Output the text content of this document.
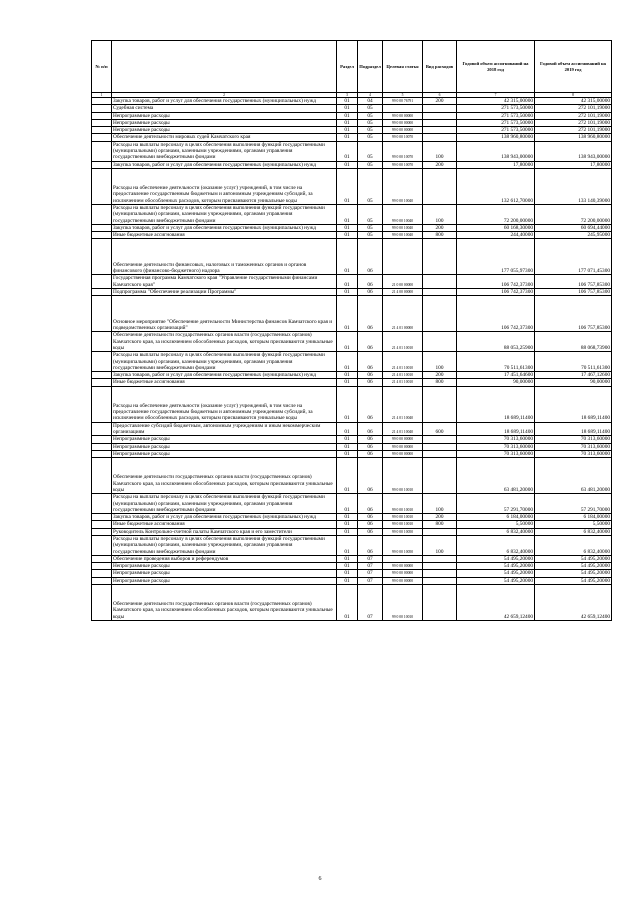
№ п/п		Раздел	Подраздел	Целевая статья	Вид расходов	Годовой объем ассигнований на 2018 год	Годовой объем ассигнований на 2019 год
1	2	3	4	5	6	7	8
	Закупка товаров, работ и услуг для обеспечения государственных (муниципальных) нужд	01	04	99 0 00 76791	200	42 315,00000	42 315,00000
	Судебная система	01	05			271 573,50000	272 101,19000
	Непрограммные расходы	01	05	99 0 00 00000		271 573,50000	272 101,19000
	Непрограммные расходы	01	05	99 0 00 00000		271 573,50000	272 101,19000
	Непрограммные расходы	01	05	99 0 00 00000		271 573,50000	272 101,19000
	Обеспечение деятельности мировых судей Камчатского края	01	05	99 0 00 10070		138 960,80000	138 960,80000
	Расходы на выплаты персоналу в целях обеспечения выполнения функций государственными (муниципальными) органами, казенными учреждениями, органами управления государственными внебюджетными фондами	01	05	99 0 00 10070	100	138 943,00000	138 943,00000
	Закупка товаров, работ и услуг для обеспечения государственных (муниципальных) нужд	01	05	99 0 00 10070	200	17,80000	17,80000
	Расходы на обеспечение деятельности (оказание услуг) учреждений, в том числе на предоставление государственным бюджетным и автономным учреждениям субсидий, за исключением обособленных расходов, которым присваиваются уникальные коды	01	05	99 0 00 10040		132 612,70000	133 140,39000
	Расходы на выплаты персоналу в целях обеспечения выполнения функций государственными (муниципальными) органами, казенными учреждениями, органами управления государственными внебюджетными фондами	01	05	99 0 00 10040	100	72 200,00000	72 200,00000
	Закупка товаров, работ и услуг для обеспечения государственных (муниципальных) нужд	01	05	99 0 00 10040	200	60 168,30000	60 694,44000
	Иные бюджетные ассигнования	01	05	99 0 00 10040	800	244,40000	245,95000
	Обеспечение деятельности финансовых, налоговых и таможенных органов и органов финансового (финансово-бюджетного) надзора	01	06			177 055,97300	177 071,45300
	Государственная программа Камчатского края "Управление государственными финансами Камчатского края"	01	06	21 0 00 00000		106 742,37300	106 757,85300
	Подпрограмма "Обеспечение реализации Программы"	01	06	21 4 00 00000		106 742,37300	106 757,85300
	Основное мероприятие "Обеспечение деятельности Министерства финансов Камчатского края и подведомственных организаций"	01	06	21 4 01 00000		106 742,37300	106 757,85300
	Обеспечение деятельности государственных органов власти (государственных органов) Камчатского края, за исключением обособленных расходов, которым присваиваются уникальные коды	01	06	21 4 01 10010		88 053,25900	88 068,73900
	Расходы на выплаты персоналу в целях обеспечения выполнения функций государственными (муниципальными) органами, казенными учреждениями, органами управления государственными внебюджетными фондами	01	06	21 4 01 10010	100	70 511,61300	70 511,61300
	Закупка товаров, работ и услуг для обеспечения государственных (муниципальных) нужд	01	06	21 4 01 10010	200	17 451,64600	17 467,12600
	Иные бюджетные ассигнования	01	06	21 4 01 10010	800	90,00000	90,00000
	Расходы на обеспечение деятельности (оказание услуг) учреждений, в том числе на предоставление государственным бюджетным и автономным учреждениям субсидий, за исключением обособленных расходов, которым присваиваются уникальные коды	01	06	21 4 01 10040		18 689,11400	18 689,11400
	Предоставление субсидий бюджетным, автономным учреждениям и иным некоммерческим организациям	01	06	21 4 01 10040	600	18 689,11400	18 689,11400
	Непрограммные расходы	01	06	99 0 00 00000		70 313,60000	70 313,60000
	Непрограммные расходы	01	06	99 0 00 00000		70 313,60000	70 313,60000
	Непрограммные расходы	01	06	99 0 00 00000		70 313,60000	70 313,60000
	Обеспечение деятельности государственных органов власти (государственных органов) Камчатского края, за исключением обособленных расходов, которым присваиваются уникальные коды	01	06	99 0 00 10010		63 481,20000	63 481,20000
	Расходы на выплаты персоналу в целях обеспечения выполнения функций государственными (муниципальными) органами, казенными учреждениями, органами управления государственными внебюджетными фондами	01	06	99 0 00 10010	100	57 291,70000	57 291,70000
	Закупка товаров, работ и услуг для обеспечения государственных (муниципальных) нужд	01	06	99 0 00 10010	200	6 184,00000	6 184,00000
	Иные бюджетные ассигнования	01	06	99 0 00 10010	800	5,50000	5,50000
	Руководитель Контрольно-счетной палаты Камчатского края и его заместители	01	06	99 0 00 10050		6 832,40000	6 832,40000
	Расходы на выплаты персоналу в целях обеспечения выполнения функций государственными (муниципальными) органами, казенными учреждениями, органами управления государственными внебюджетными фондами	01	06	99 0 00 10050	100	6 832,40000	6 832,40000
	Обеспечение проведения выборов и референдумов	01	07			54 495,20000	54 495,20000
	Непрограммные расходы	01	07	99 0 00 00000		54 495,20000	54 495,20000
	Непрограммные расходы	01	07	99 0 00 00000		54 495,20000	54 495,20000
	Непрограммные расходы	01	07	99 0 00 00000		54 495,20000	54 495,20000
	Обеспечение деятельности государственных органов власти (государственных органов) Камчатского края, за исключением обособленных расходов, которым присваиваются уникальные коды	01	07	99 0 00 10010		42 659,12400	42 659,12400
6
